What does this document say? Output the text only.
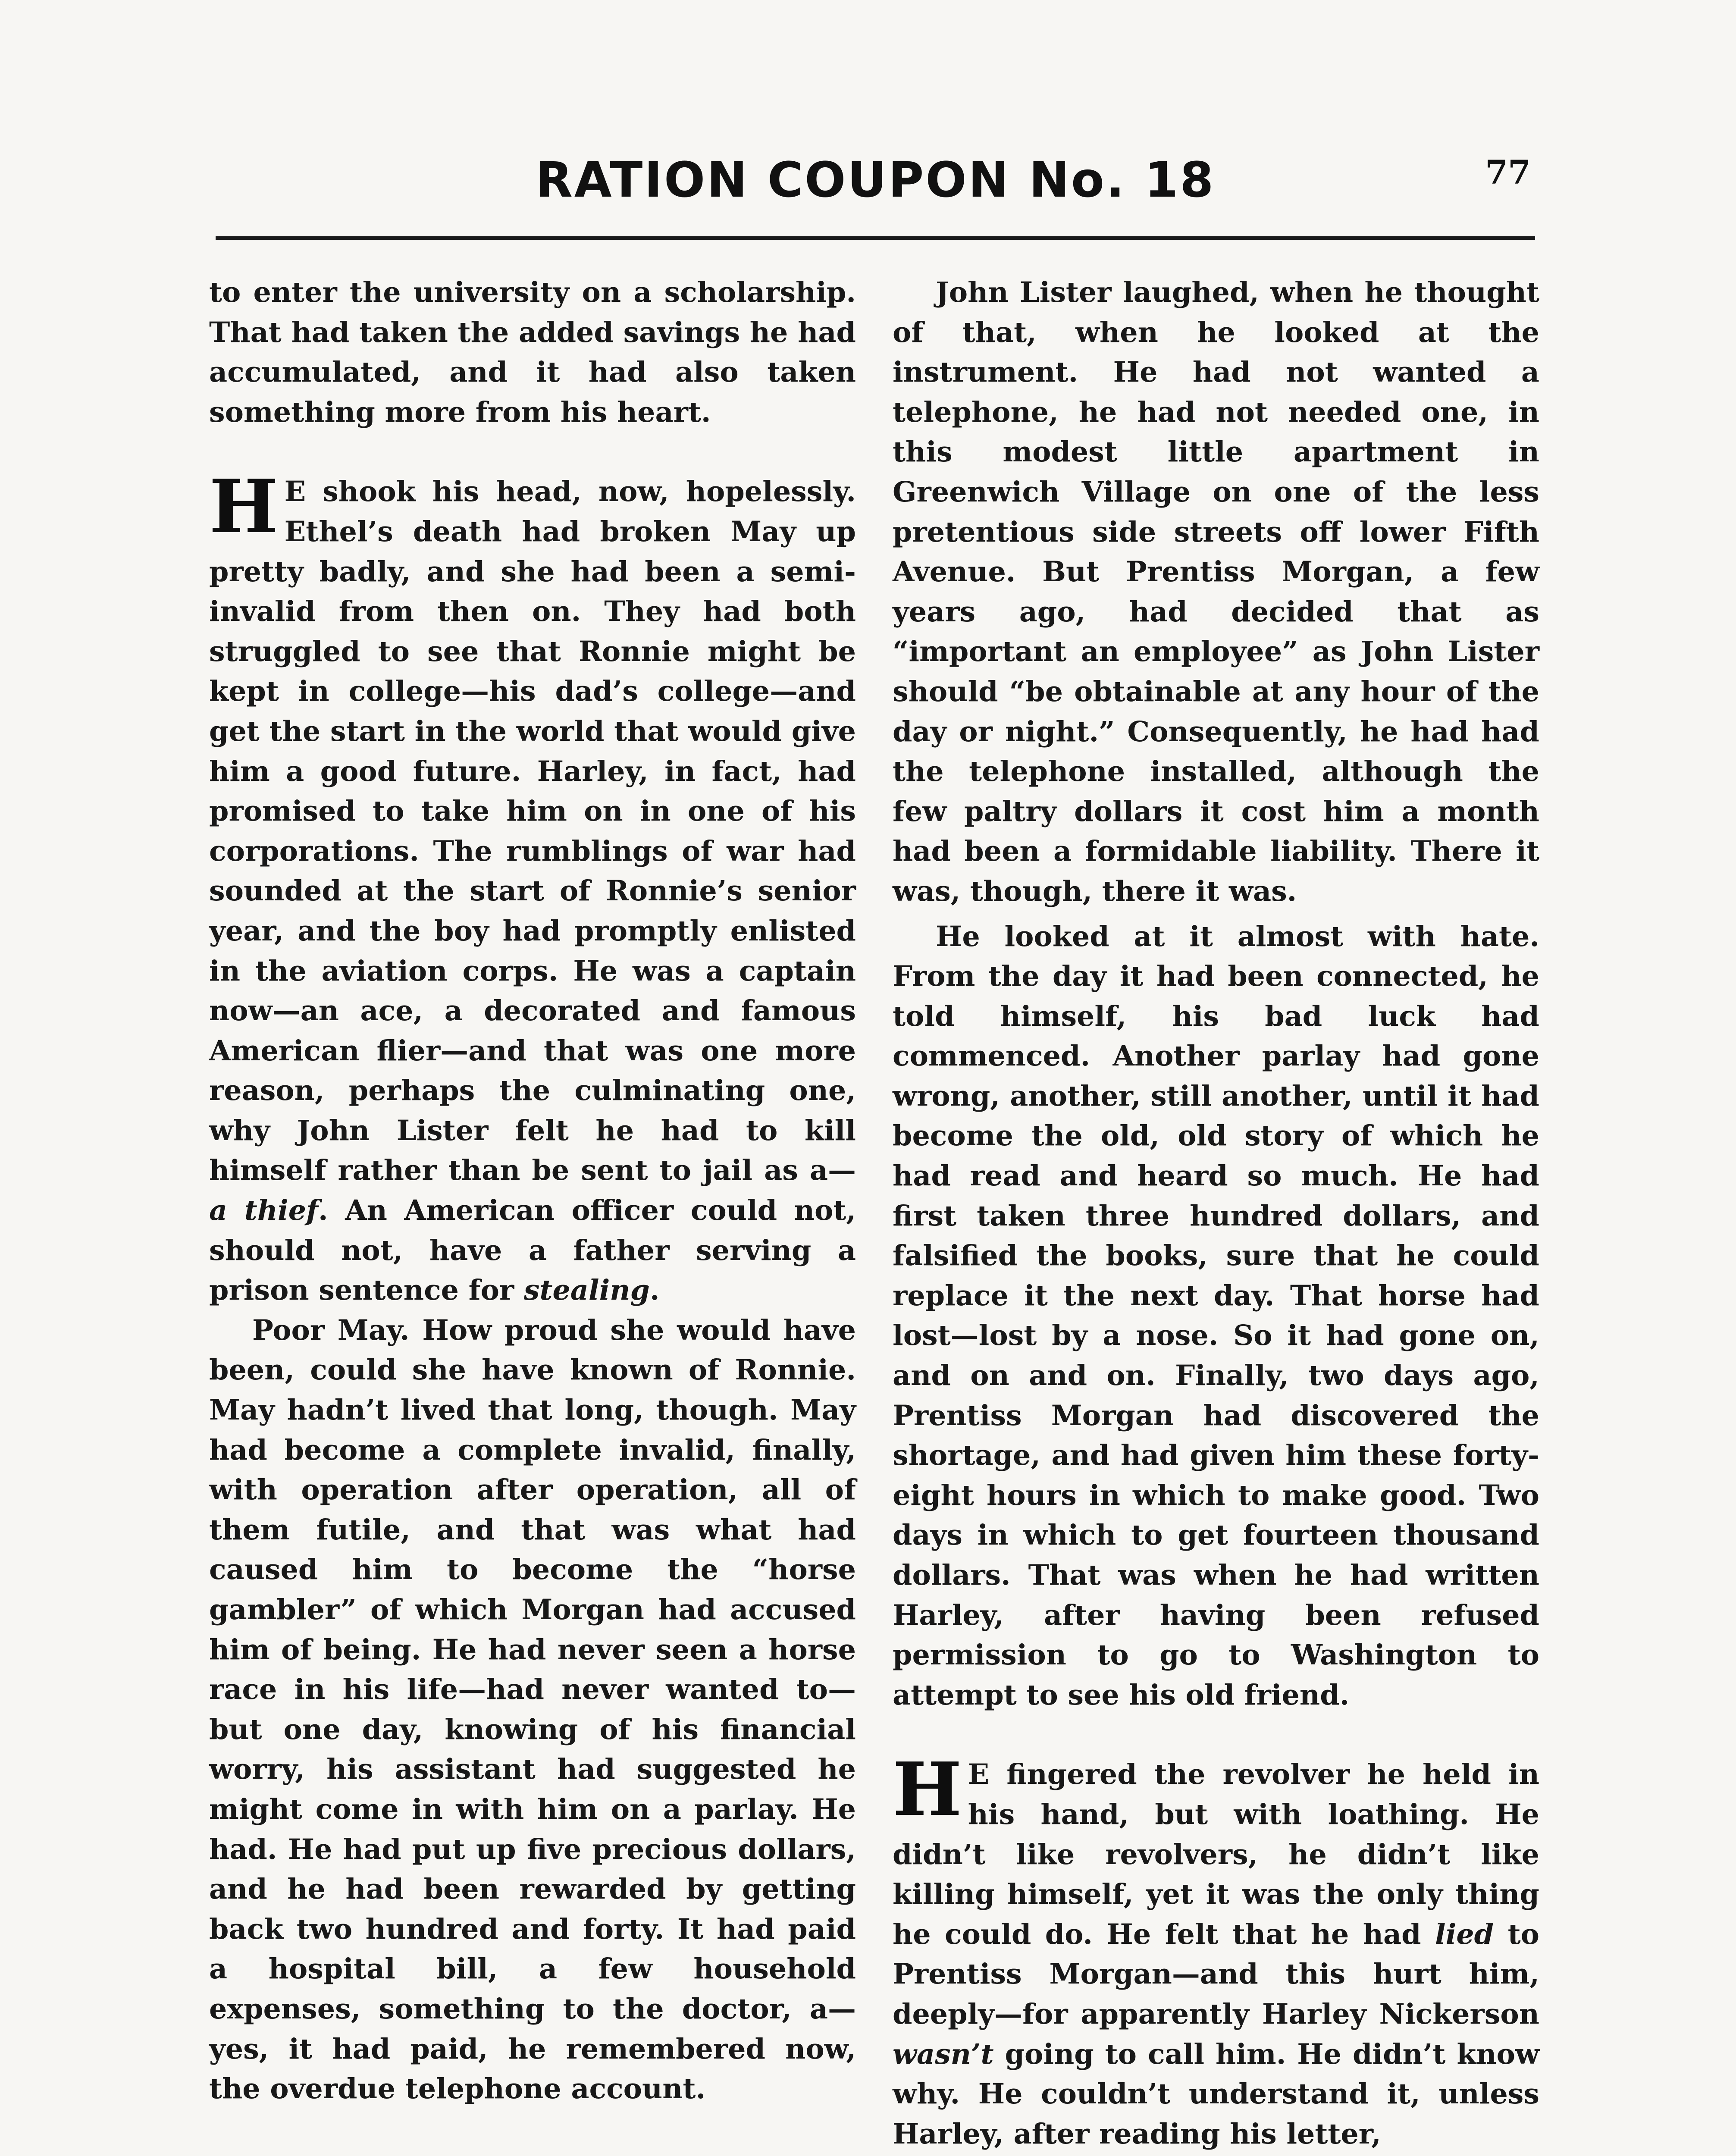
RATION COUPON No. 18	77

to enter the university on a scholarship. That had taken the added savings he had accumulated, and it had also taken something more from his heart.

H E shook his head, now, hopelessly. Ethel’s death had broken May up pretty badly, and she had been a semi-invalid from then on. They had both struggled to see that Ronnie might be kept in college—his dad’s college—and get the start in the world that would give him a good future. Harley, in fact, had promised to take him on in one of his corporations. The rumblings of war had sounded at the start of Ronnie’s senior year, and the boy had promptly enlisted in the aviation corps. He was a captain now—an ace, a decorated and famous American flier—and that was one more reason, perhaps the culminating one, why John Lister felt he had to kill himself rather than be sent to jail as a—a thief. An American officer could not, should not, have a father serving a prison sentence for stealing.

Poor May. How proud she would have been, could she have known of Ronnie. May hadn’t lived that long, though. May had become a complete invalid, finally, with operation after operation, all of them futile, and that was what had caused him to become the “horse gambler” of which Morgan had accused him of being. He had never seen a horse race in his life—had never wanted to—but one day, knowing of his financial worry, his assistant had suggested he might come in with him on a parlay. He had. He had put up five precious dollars, and he had been rewarded by getting back two hundred and forty. It had paid a hospital bill, a few household expenses, something to the doctor, a—yes, it had paid, he remembered now, the overdue telephone account.

John Lister laughed, when he thought of that, when he looked at the instrument. He had not wanted a telephone, he had not needed one, in this modest little apartment in Greenwich Village on one of the less pretentious side streets off lower Fifth Avenue. But Prentiss Morgan, a few years ago, had decided that as “important an employee” as John Lister should “be obtainable at any hour of the day or night.” Consequently, he had had the telephone installed, although the few paltry dollars it cost him a month had been a formidable liability. There it was, though, there it was.

He looked at it almost with hate. From the day it had been connected, he told himself, his bad luck had commenced. Another parlay had gone wrong, another, still another, until it had become the old, old story of which he had read and heard so much. He had first taken three hundred dollars, and falsified the books, sure that he could replace it the next day. That horse had lost—lost by a nose. So it had gone on, and on and on. Finally, two days ago, Prentiss Morgan had discovered the shortage, and had given him these forty-eight hours in which to make good. Two days in which to get fourteen thousand dollars. That was when he had written Harley, after having been refused permission to go to Washington to attempt to see his old friend.

H E fingered the revolver he held in his hand, but with loathing. He didn’t like revolvers, he didn’t like killing himself, yet it was the only thing he could do. He felt that he had lied to Prentiss Morgan—and this hurt him, deeply—for apparently Harley Nickerson wasn’t going to call him. He didn’t know why. He couldn’t understand it, unless Harley, after reading his letter,
